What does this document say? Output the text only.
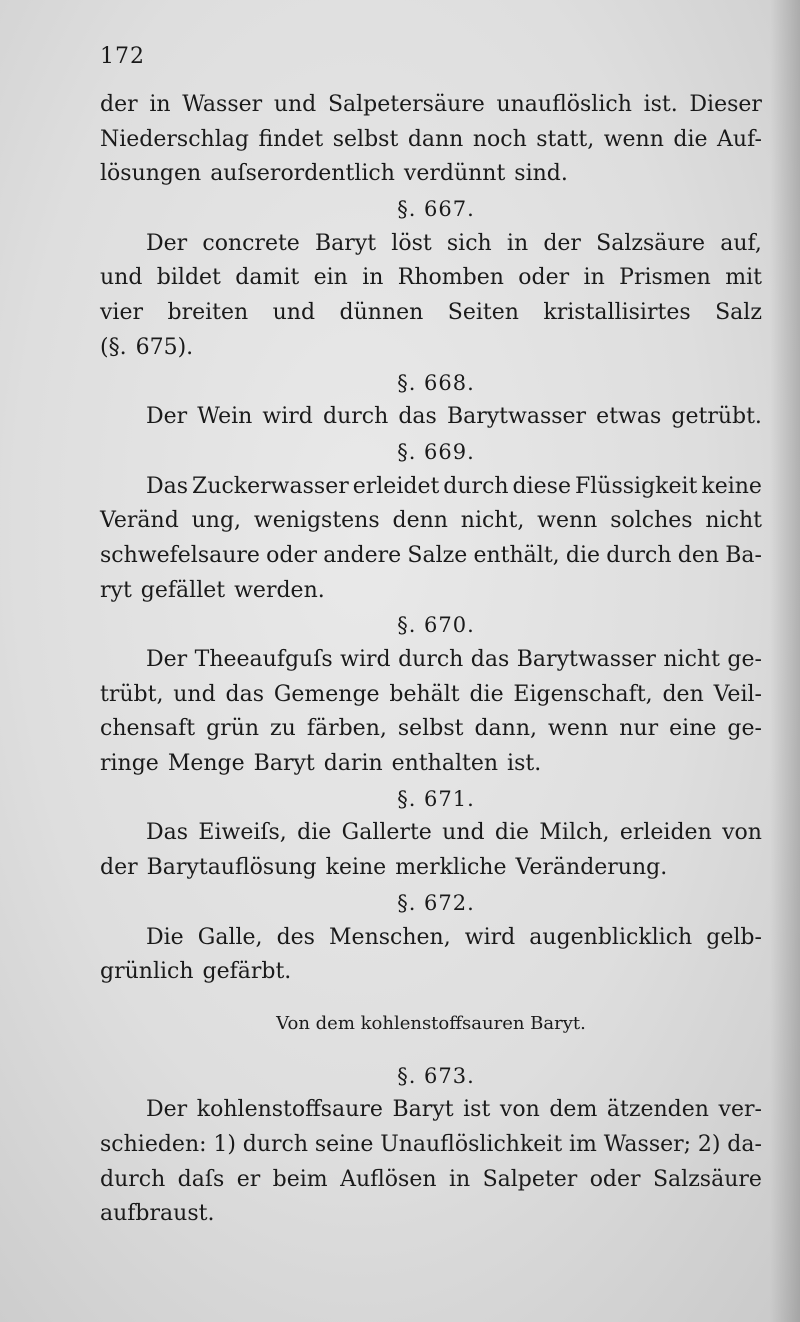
172
der in Wasser und Salpetersäure unauflöslich ist. Dieser
Niederschlag findet selbst dann noch statt, wenn die Auf-
lösungen auſserordentlich verdünnt sind.
§. 667.
Der concrete Baryt löst sich in der Salzsäure auf,
und bildet damit ein in Rhomben oder in Prismen mit
vier breiten und dünnen Seiten kristallisirtes Salz
(§. 675).
§. 668.
Der Wein wird durch das Barytwasser etwas getrübt.
§. 669.
Das Zuckerwasser erleidet durch diese Flüssigkeit keine
Veränd ung, wenigstens denn nicht, wenn solches nicht
schwefelsaure oder andere Salze enthält, die durch den Ba-
ryt gefället werden.
§. 670.
Der Theeaufguſs wird durch das Barytwasser nicht ge-
trübt, und das Gemenge behält die Eigenschaft, den Veil-
chensaft grün zu färben, selbst dann, wenn nur eine ge-
ringe Menge Baryt darin enthalten ist.
§. 671.
Das Eiweiſs, die Gallerte und die Milch, erleiden von
der Barytauflösung keine merkliche Veränderung.
§. 672.
Die Galle, des Menschen, wird augenblicklich gelb-
grünlich gefärbt.
Von dem kohlenstoffsauren Baryt.
§. 673.
Der kohlenstoffsaure Baryt ist von dem ätzenden ver-
schieden: 1) durch seine Unauflöslichkeit im Wasser; 2) da-
durch daſs er beim Auflösen in Salpeter oder Salzsäure
aufbraust.
